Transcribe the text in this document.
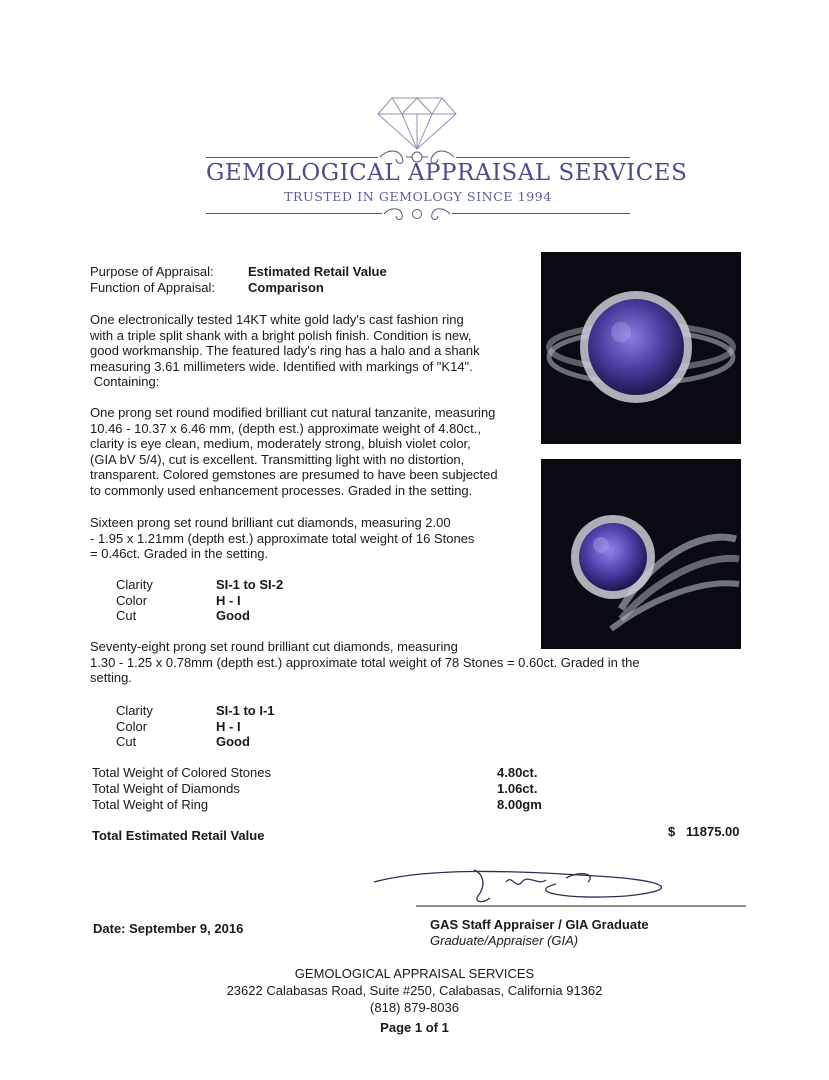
GEMOLOGICAL APPRAISAL SERVICES
TRUSTED IN GEMOLOGY SINCE 1994
Purpose of Appraisal:	Estimated Retail Value
Function of Appraisal:	Comparison
One electronically tested 14KT white gold lady's cast fashion ring
with a triple split shank with a bright polish finish. Condition is new,
good workmanship. The featured lady's ring has a halo and a shank
measuring 3.61 millimeters wide. Identified with markings of "K14".
Containing:
One prong set round modified brilliant cut natural tanzanite, measuring
10.46 - 10.37 x 6.46 mm, (depth est.) approximate weight of 4.80ct.,
clarity is eye clean, medium, moderately strong, bluish violet color,
(GIA bV 5/4), cut is excellent. Transmitting light with no distortion,
transparent. Colored gemstones are presumed to have been subjected
to commonly used enhancement processes. Graded in the setting.
Sixteen prong set round brilliant cut diamonds, measuring 2.00
- 1.95 x 1.21mm (depth est.) approximate total weight of 16 Stones
= 0.46ct. Graded in the setting.
Clarity	SI-1 to SI-2
Color	H - I
Cut	Good
Seventy-eight prong set round brilliant cut diamonds, measuring
1.30 - 1.25 x 0.78mm (depth est.) approximate total weight of 78 Stones = 0.60ct. Graded in the
setting.
Clarity	SI-1 to I-1
Color	H - I
Cut	Good
Total Weight of Colored Stones	4.80ct.
Total Weight of Diamonds	1.06ct.
Total Weight of Ring	8.00gm
Total Estimated Retail Value	$ 11875.00
Date: September 9, 2016	GAS Staff Appraiser / GIA Graduate
Graduate/Appraiser (GIA)
GEMOLOGICAL APPRAISAL SERVICES
23622 Calabasas Road, Suite #250, Calabasas, California 91362
(818) 879-8036
Page 1 of 1
